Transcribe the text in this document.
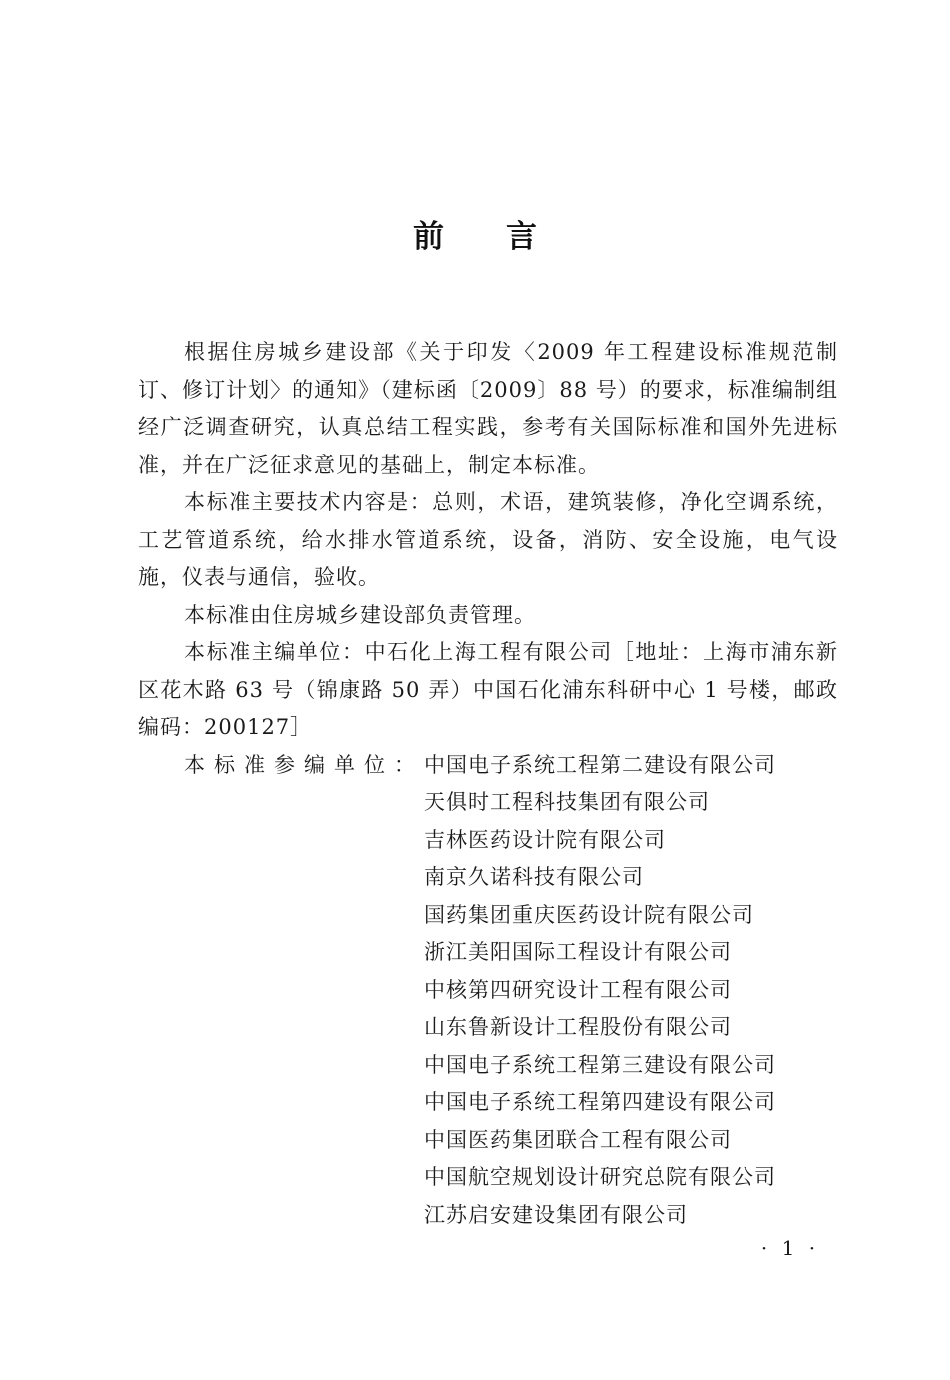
前言

根据住房城乡建设部《关于印发〈2009 年工程建设标准规范制订、修订计划〉的通知》（建标函〔2009〕88 号）的要求，标准编制组经广泛调查研究，认真总结工程实践，参考有关国际标准和国外先进标准，并在广泛征求意见的基础上，制定本标准。

本标准主要技术内容是：总则，术语，建筑装修，净化空调系统，工艺管道系统，给水排水管道系统，设备，消防、安全设施，电气设施，仪表与通信，验收。

本标准由住房城乡建设部负责管理。

本标准主编单位：中石化上海工程有限公司［地址：上海市浦东新区花木路 63 号（锦康路 50 弄）中国石化浦东科研中心 1 号楼，邮政编码：200127］

本标准参编单位： 中国电子系统工程第二建设有限公司
天俱时工程科技集团有限公司
吉林医药设计院有限公司
南京久诺科技有限公司
国药集团重庆医药设计院有限公司
浙江美阳国际工程设计有限公司
中核第四研究设计工程有限公司
山东鲁新设计工程股份有限公司
中国电子系统工程第三建设有限公司
中国电子系统工程第四建设有限公司
中国医药集团联合工程有限公司
中国航空规划设计研究总院有限公司
江苏启安建设集团有限公司
· 1 ·
